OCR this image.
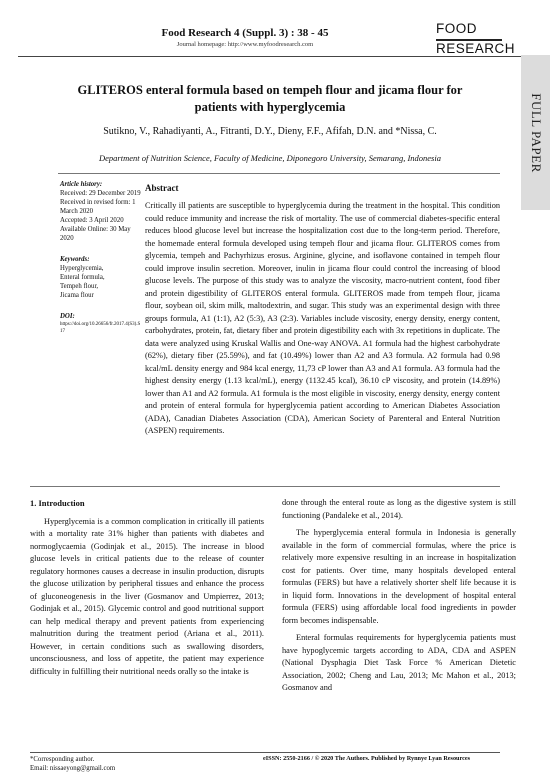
Food Research 4 (Suppl. 3) : 38 - 45
Journal homepage: http://www.myfoodresearch.com
FOOD
RESEARCH
FULL PAPER
GLITEROS enteral formula based on tempeh flour and jicama flour for patients with hyperglycemia
Sutikno, V., Rahadiyanti, A., Fitranti, D.Y., Dieny, F.F., Afifah, D.N. and *Nissa, C.
Department of Nutrition Science, Faculty of Medicine, Diponegoro University, Semarang, Indonesia
Article history:
Received: 29 December 2019
Received in revised form: 1 March 2020
Accepted: 3 April 2020
Available Online: 30 May 2020
Keywords:
Hyperglycemia,
Enteral formula,
Tempeh flour,
Jicama flour
DOI:
https://doi.org/10.26656/fr.2017.4(S3).S17
Abstract
Critically ill patients are susceptible to hyperglycemia during the treatment in the hospital. This condition could reduce immunity and increase the risk of mortality. The use of commercial diabetes-specific enteral reduces blood glucose level but increase the hospitalization cost due to the long-term period. Therefore, the homemade enteral formula developed using tempeh flour and jicama flour. GLITEROS comes from glycemia, tempeh and Pachyrhizus erosus. Arginine, glycine, and isoflavone contained in tempeh flour could improve insulin secretion. Moreover, inulin in jicama flour could control the increasing of blood glucose levels. The purpose of this study was to analyze the viscosity, macro-nutrient content, food fiber and protein digestibility of GLITEROS enteral formula. GLITEROS made from tempeh flour, jicama flour, soybean oil, skim milk, maltodextrin, and sugar. This study was an experimental design with three groups formula, A1 (1:1), A2 (5:3), A3 (2:3). Variables include viscosity, energy density, energy content, carbohydrates, protein, fat, dietary fiber and protein digestibility each with 3x repetitions in duplicate. The data were analyzed using Kruskal Wallis and One-way ANOVA. A1 formula had the highest carbohydrate (62%), dietary fiber (25.59%), and fat (10.49%) lower than A2 and A3 formula. A2 formula had 0.98 kcal/mL density energy and 984 kcal energy, 11,73 cP lower than A3 and A1 formula. A3 formula had the highest density energy (1.13 kcal/mL), energy (1132.45 kcal), 36.10 cP viscosity, and protein (14.89%) lower than A1 and A2 formula. A1 formula is the most eligible in viscosity, energy density, energy content and protein of enteral formula for hyperglycemia patient according to American Diabetes Association (ADA), Canadian Diabetes Association (CDA), American Society of Parenteral and Enteral Nutrition (ASPEN) requirements.
1. Introduction

Hyperglycemia is a common complication in critically ill patients with a mortality rate 31% higher than patients with diabetes and normoglycaemia (Godinjak et al., 2015). The increase in blood glucose levels in critical patients due to the release of counter regulatory hormones causes a decrease in insulin production, disrupts the glucose utilization by peripheral tissues and enhance the process of gluconeogenesis in the liver (Gosmanov and Umpierrez, 2013; Godinjak et al., 2015). Glycemic control and good nutritional support can help medical therapy and prevent patients from experiencing malnutrition during the treatment period (Ariana et al., 2011). However, in certain conditions such as swallowing disorders, unconsciousness, and loss of appetite, the patient may experience difficulty in fulfilling their nutritional needs orally so the intake is

done through the enteral route as long as the digestive system is still functioning (Pandaleke et al., 2014).

The hyperglycemia enteral formula in Indonesia is generally available in the form of commercial formulas, where the price is relatively more expensive resulting in an increase in hospitalization cost for patients. Over time, many hospitals developed enteral formulas (FERS) but have a relatively shorter shelf life because it is in liquid form. Innovations in the development of hospital enteral formula (FERS) using affordable local food ingredients in powder form becomes indispensable.

Enteral formulas requirements for hyperglycemia patients must have hypoglycemic targets according to ADA, CDA and ASPEN (National Dysphagia Diet Task Force % American Dietetic Association, 2002; Cheng and Lau, 2013; Mc Mahon et al., 2013; Gosmanov and

*Corresponding author.
Email: nissaeyong@gmail.com
eISSN: 2550-2166 / © 2020 The Authors. Published by Rynnye Lyan Resources
